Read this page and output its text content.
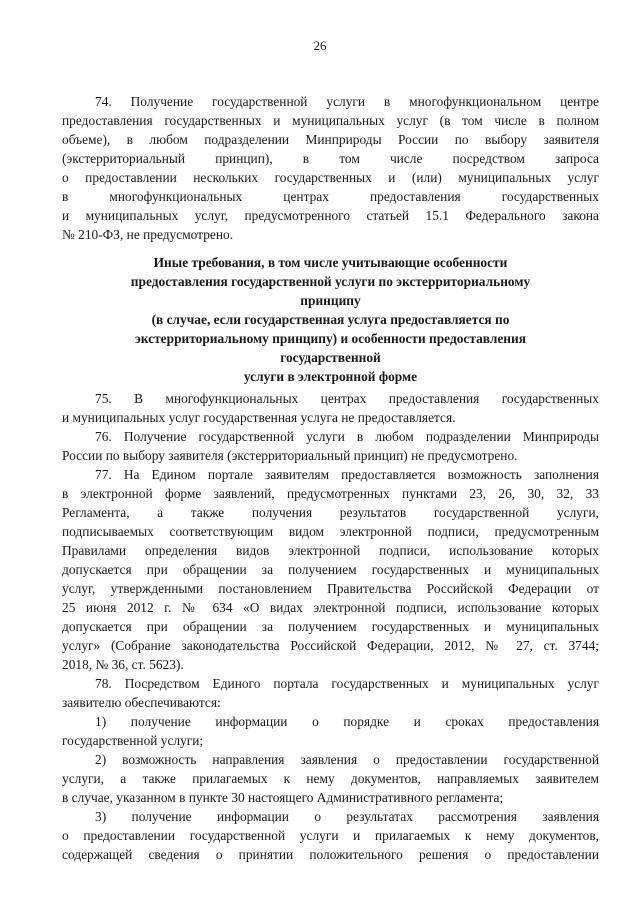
26
74. Получение государственной услуги в многофункциональном центре
предоставления государственных и муниципальных услуг (в том числе в полном
объеме), в любом подразделении Минприроды России по выбору заявителя
(экстерриториальный принцип), в том числе посредством запроса
о предоставлении нескольких государственных и (или) муниципальных услуг
в многофункциональных центрах предоставления государственных
и муниципальных услуг, предусмотренного статьей 15.1 Федерального закона
№ 210-ФЗ, не предусмотрено.
Иные требования, в том числе учитывающие особенности
предоставления государственной услуги по экстерриториальному
принципу
(в случае, если государственная услуга предоставляется по
экстерриториальному принципу) и особенности предоставления
государственной
услуги в электронной форме
75. В многофункциональных центрах предоставления государственных
и муниципальных услуг государственная услуга не предоставляется.
76. Получение государственной услуги в любом подразделении Минприроды
России по выбору заявителя (экстерриториальный принцип) не предусмотрено.
77. На Едином портале заявителям предоставляется возможность заполнения
в электронной форме заявлений, предусмотренных пунктами 23, 26, 30, 32, 33
Регламента, а также получения результатов государственной услуги,
подписываемых соответствующим видом электронной подписи, предусмотренным
Правилами определения видов электронной подписи, использование которых
допускается при обращении за получением государственных и муниципальных
услуг, утвержденными постановлением Правительства Российской Федерации от
25 июня 2012 г. № 634 «О видах электронной подписи, использование которых
допускается при обращении за получением государственных и муниципальных
услуг» (Собрание законодательства Российской Федерации, 2012, № 27, ст. 3744;
2018, № 36, ст. 5623).
78. Посредством Единого портала государственных и муниципальных услуг
заявителю обеспечиваются:
1) получение информации о порядке и сроках предоставления
государственной услуги;
2) возможность направления заявления о предоставлении государственной
услуги, а также прилагаемых к нему документов, направляемых заявителем
в случае, указанном в пункте 30 настоящего Административного регламента;
3) получение информации о результатах рассмотрения заявления
о предоставлении государственной услуги и прилагаемых к нему документов,
содержащей сведения о принятии положительного решения о предоставлении
